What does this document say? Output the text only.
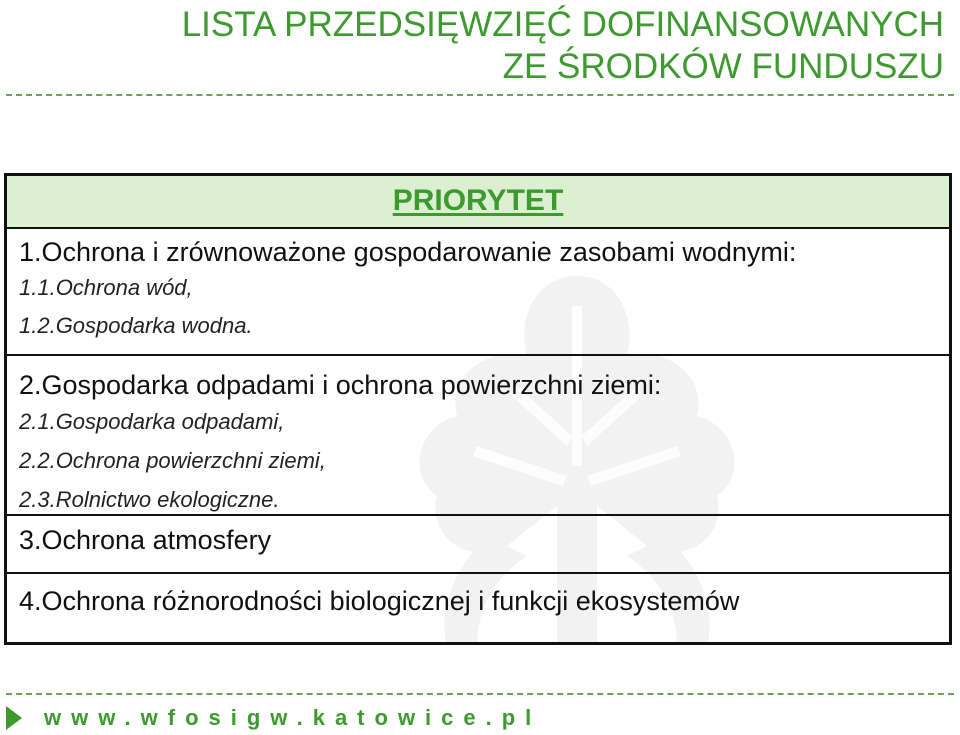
LISTA PRZEDSIĘWZIĘĆ DOFINANSOWANYCH
ZE ŚRODKÓW FUNDUSZU
PRIORYTET
1.Ochrona i zrównoważone gospodarowanie zasobami wodnymi:
1.1.Ochrona wód,
1.2.Gospodarka wodna.
2.Gospodarka odpadami i ochrona powierzchni ziemi:
2.1.Gospodarka odpadami,
2.2.Ochrona powierzchni ziemi,
2.3.Rolnictwo ekologiczne.
3.Ochrona atmosfery
4.Ochrona różnorodności biologicznej i funkcji ekosystemów
www.wfosigw.katowice.pl
